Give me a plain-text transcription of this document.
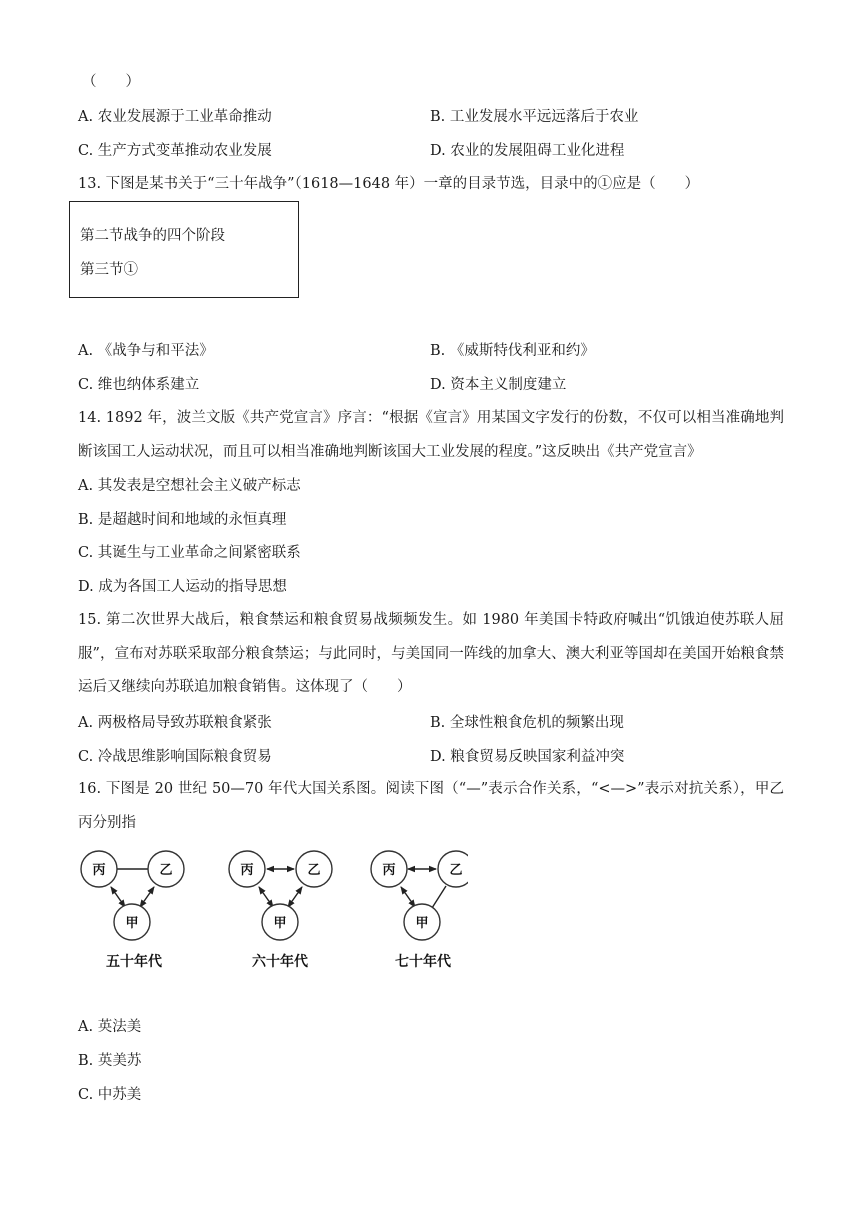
（　　）
A. 农业发展源于工业革命推动	B. 工业发展水平远远落后于农业
C. 生产方式变革推动农业发展	D. 农业的发展阻碍工业化进程
13. 下图是某书关于“三十年战争”（1618—1648 年）一章的目录节选，目录中的①应是（　　）
第二节战争的四个阶段
第三节①
A. 《战争与和平法》	B. 《威斯特伐利亚和约》
C. 维也纳体系建立	D. 资本主义制度建立
14. 1892 年，波兰文版《共产党宣言》序言：“根据《宣言》用某国文字发行的份数，不仅可以相当准确地判断该国工人运动状况，而且可以相当准确地判断该国大工业发展的程度。”这反映出《共产党宣言》
A. 其发表是空想社会主义破产标志
B. 是超越时间和地域的永恒真理
C. 其诞生与工业革命之间紧密联系
D. 成为各国工人运动的指导思想
15. 第二次世界大战后，粮食禁运和粮食贸易战频频发生。如 1980 年美国卡特政府喊出“饥饿迫使苏联人屈服”，宣布对苏联采取部分粮食禁运；与此同时，与美国同一阵线的加拿大、澳大利亚等国却在美国开始粮食禁运后又继续向苏联追加粮食销售。这体现了（　　）
A. 两极格局导致苏联粮食紧张	B. 全球性粮食危机的频繁出现
C. 冷战思维影响国际粮食贸易	D. 粮食贸易反映国家利益冲突
16. 下图是 20 世纪 50—70 年代大国关系图。阅读下图（“—”表示合作关系，“<—>”表示对抗关系），甲乙丙分别指
丙	乙
甲
五十年代
丙	乙
甲
六十年代
丙	乙
甲
七十年代
A. 英法美
B. 英美苏
C. 中苏美
